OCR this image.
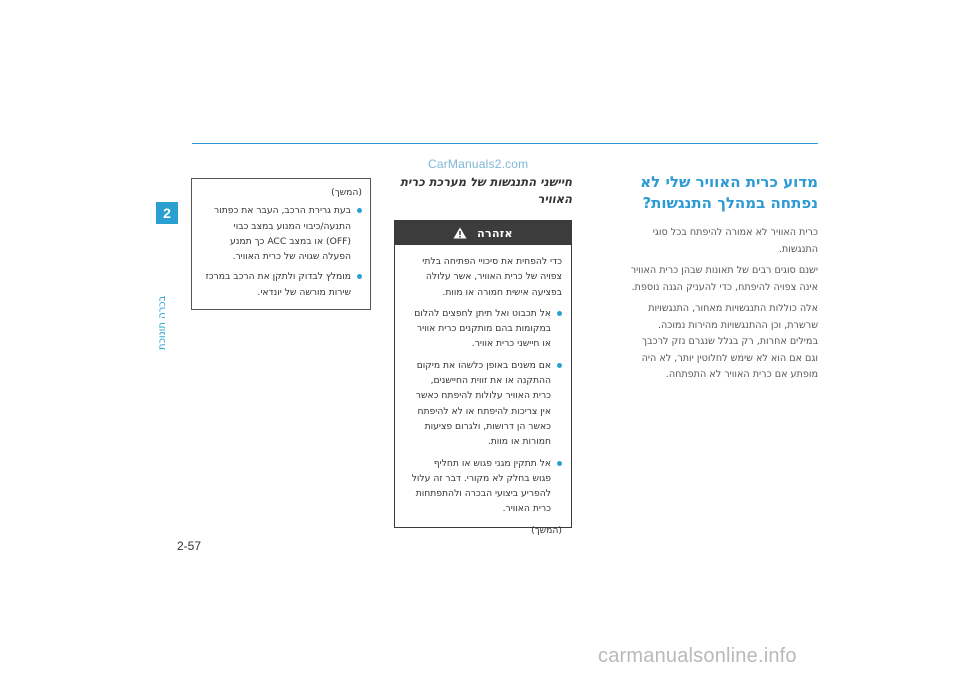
CarManuals2.com
2
בכרה תונוכת
מדוע כרית האוויר שלי לא
נפתחה במהלך התנגשות?

כרית האוויר לא אמורה להיפתח בכל סוגי
התנגשות.

ישנם סוגים רבים של תאונות שבהן כרית האוויר
אינה צפויה להיפתח, כדי להעניק הגנה נוספת.

אלה כוללות התנגשויות מאחור, התנגשויות
שרשרת, וכן ההתנגשויות מהירות נמוכה.
במילים אחרות, רק בגלל שנגרם נזק לרכבך
וגם אם הוא לא שימש לחלוטין יותר, לא היה
מופתע אם כרית האוויר לא התפתחה.

חיישני התנגשות של מערכת כרית
האוויר
אזהרה
כדי להפחית את סיכויי הפתיחה בלתי
צפויה של כרית האוויר, אשר עלולה
בפציעה אישית חמורה או מוות.
אל תכבוט ואל תיתן לחפצים להלום
במקומות בהם מותקנים כרית אוויר
או חיישני כרית אוויר.
אם משנים באופן כלשהו את מיקום
ההתקנה או את זווית החיישנים,
כרית האוויר עלולות להיפתח כאשר
אין צריכות להיפתח או לא להיפתח
כאשר הן דרושות, ולגרום פציעות
חמורות או מוות.
אל תתקין מגני פגוש או תחליף
פגוש בחלק לא מקורי. דבר זה עלול
להפריע ביצועי הבכרה ולהתפתחות
כרית האוויר.
(המשך)
(המשך)
בעת גרירת הרכב, העבר את כפתור
התנעה/כיבוי המנוע במצב כבוי
(OFF) או במצב ACC כך תמנע
הפעלה שגויה של כרית האוויר.
מומלץ לבדוק ולתקן את הרכב במרכז
שירות מורשה של יונדאי.
2-57
carmanualsonline.info
